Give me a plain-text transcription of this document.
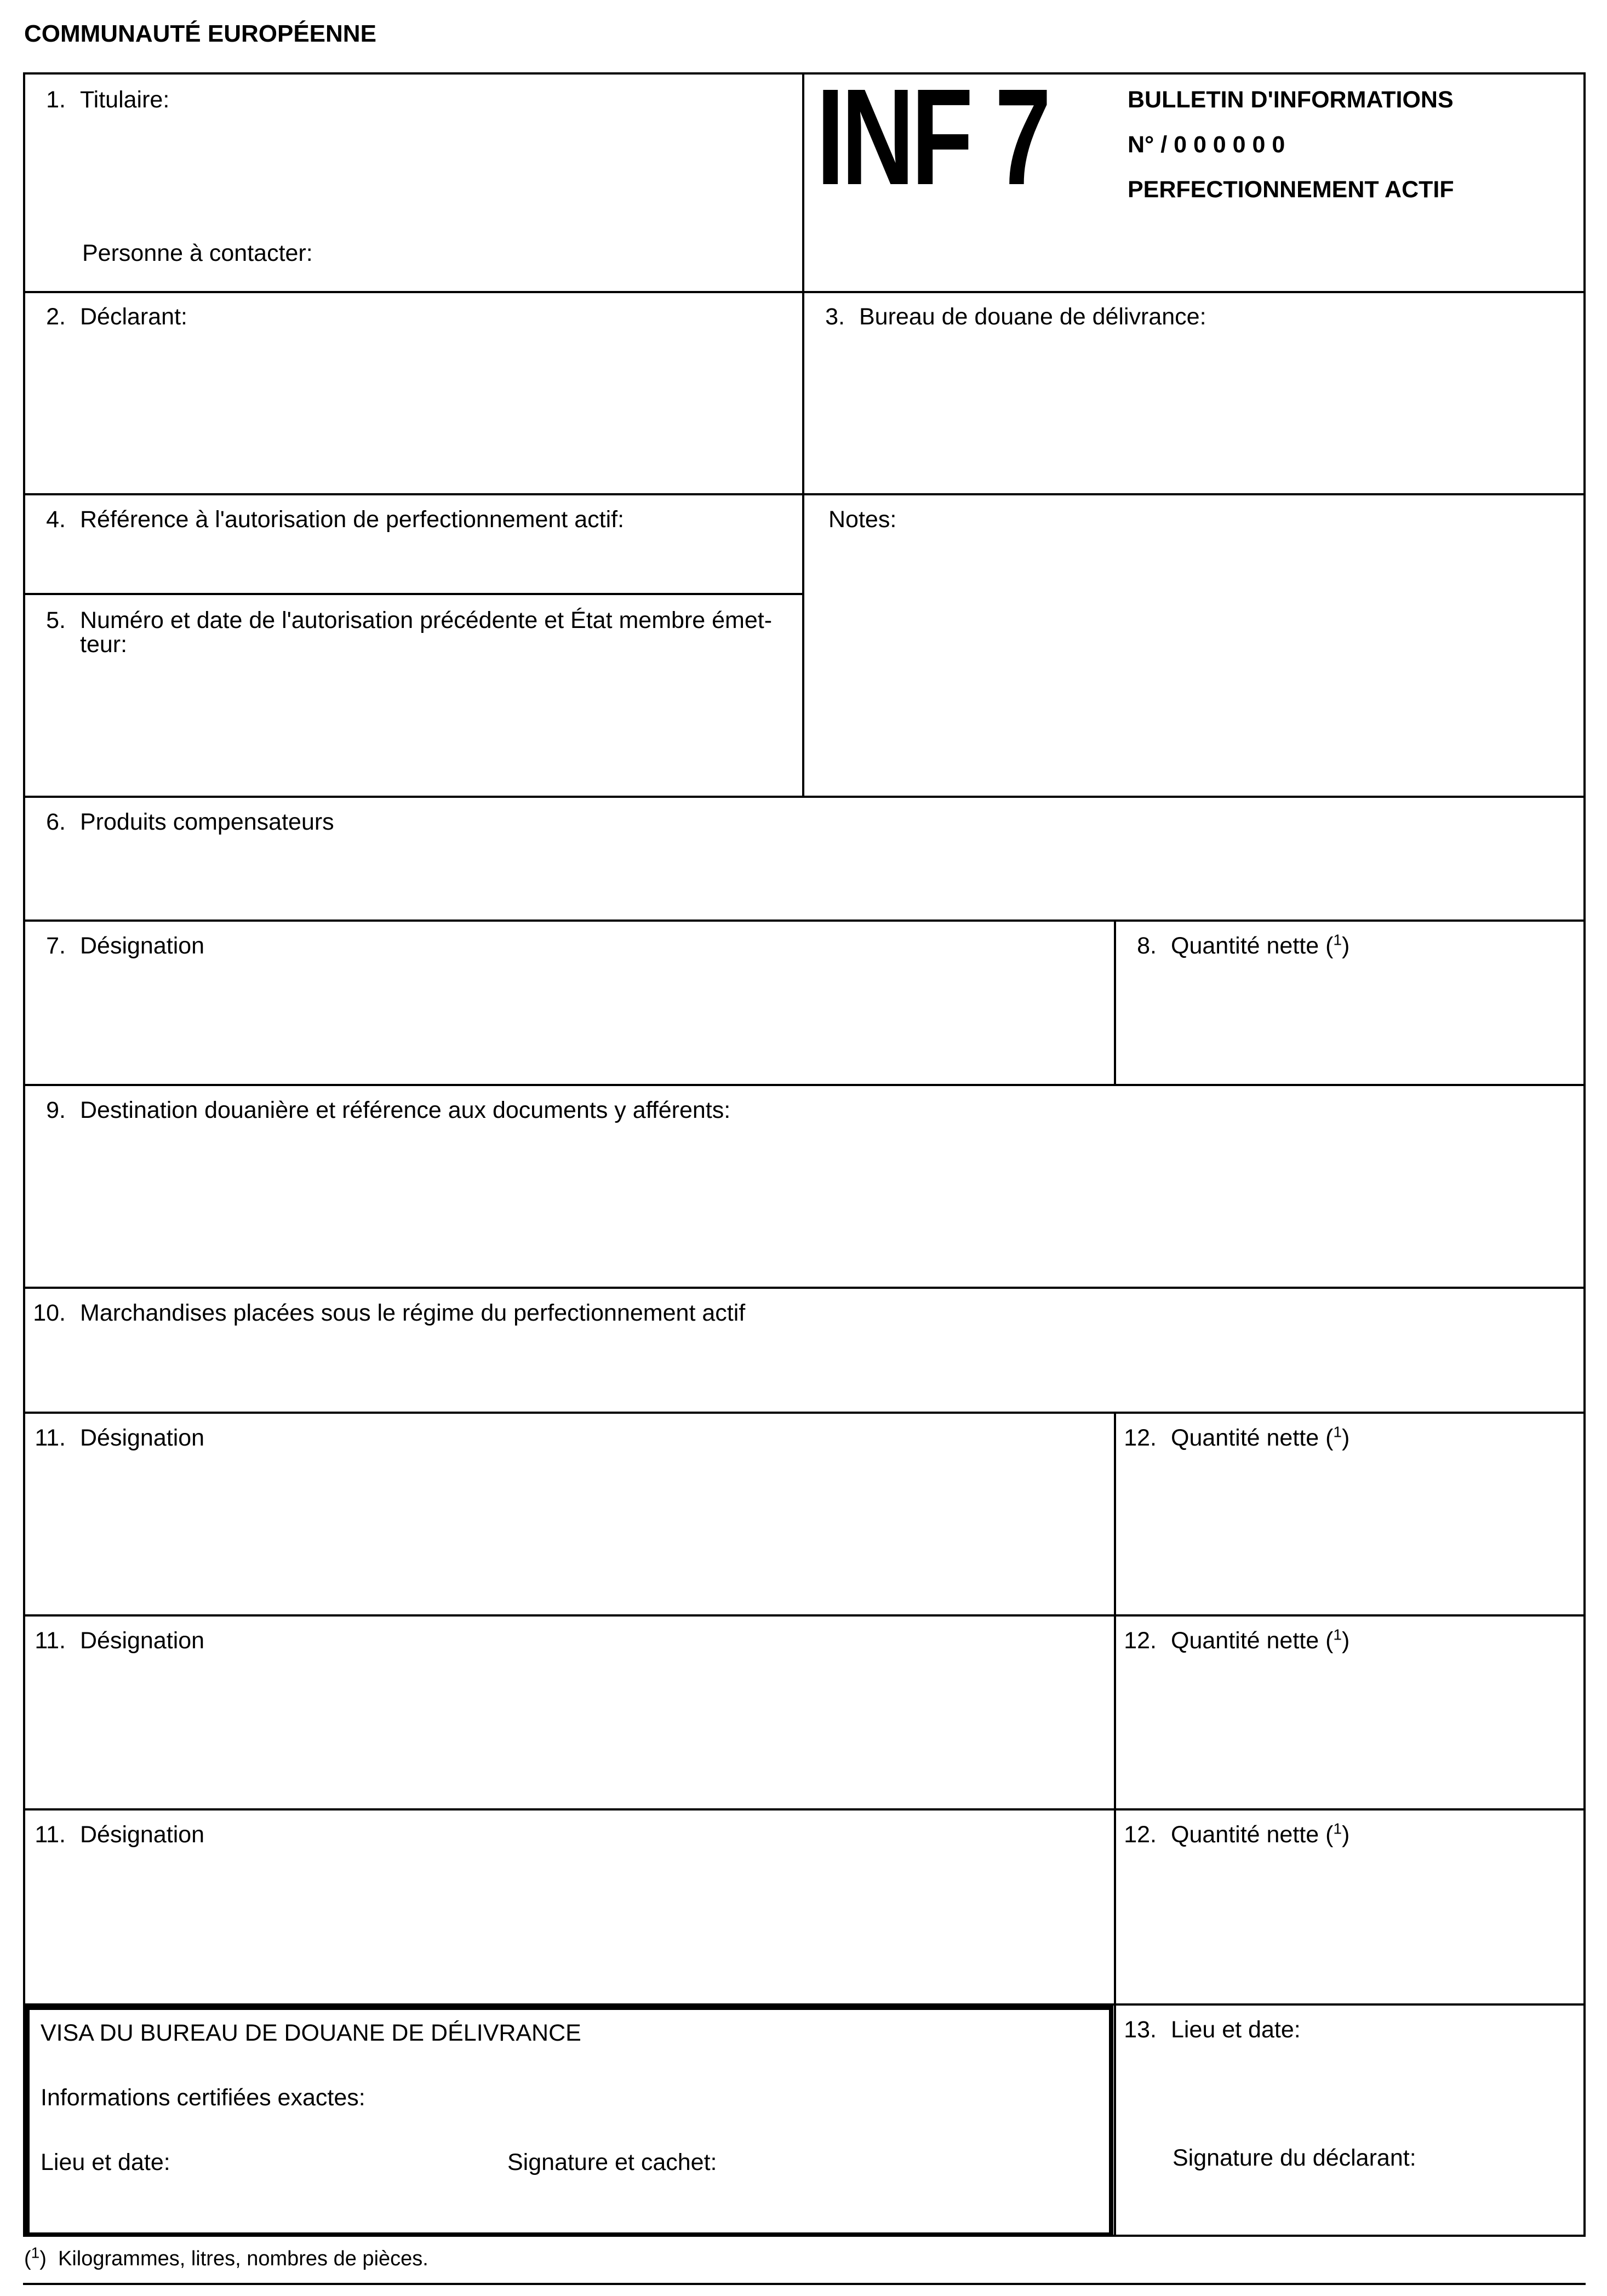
COMMUNAUTÉ EUROPÉENNE
1. Titulaire:
Personne à contacter:
INF 7	BULLETIN D'INFORMATIONS
N° / 0 0 0 0 0 0
PERFECTIONNEMENT ACTIF
2. Déclarant:	3. Bureau de douane de délivrance:
4. Référence à l'autorisation de perfectionnement actif:	Notes:
5. Numéro et date de l'autorisation précédente et État membre émet-
teur:
6. Produits compensateurs
7. Désignation	8. Quantité nette ($^1$)
9. Destination douanière et référence aux documents y afférents:
10. Marchandises placées sous le régime du perfectionnement actif
11. Désignation	12. Quantité nette ($^1$)
11. Désignation	12. Quantité nette ($^1$)
11. Désignation	12. Quantité nette ($^1$)
VISA DU BUREAU DE DOUANE DE DÉLIVRANCE
Informations certifiées exactes:
Lieu et date:	Signature et cachet:
13. Lieu et date:
Signature du déclarant:
($^1$)  Kilogrammes, litres, nombres de pièces.
